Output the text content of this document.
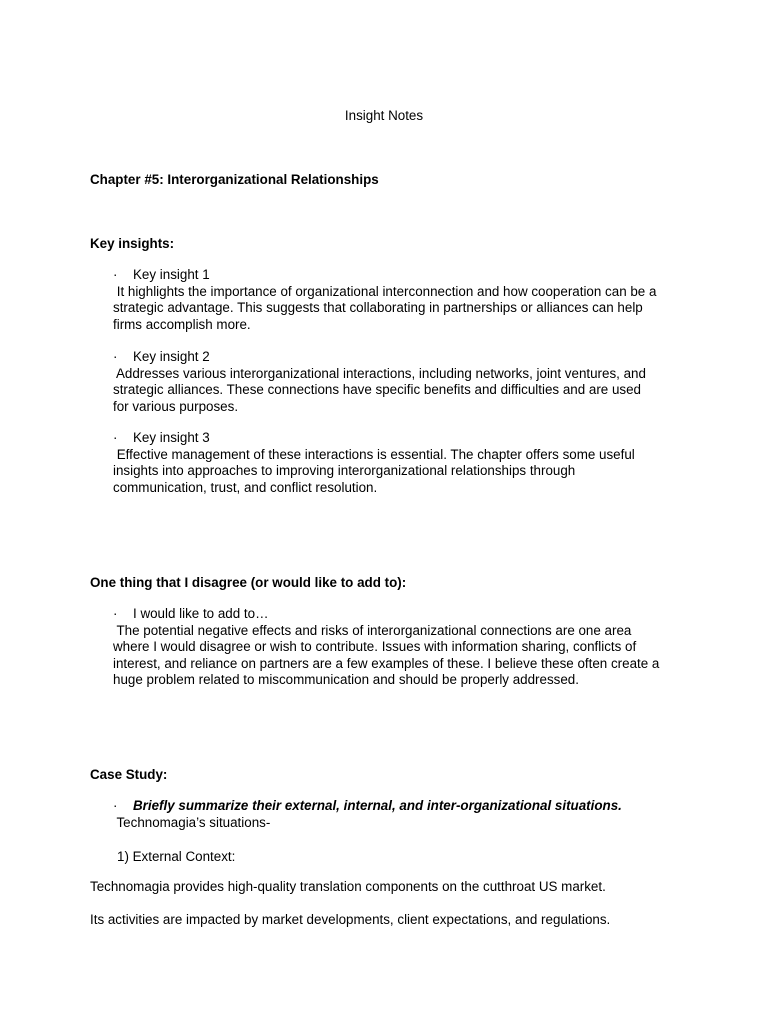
Insight Notes

Chapter #5: Interorganizational Relationships

Key insights:

· Key insight 1
It highlights the importance of organizational interconnection and how cooperation can be a
strategic advantage. This suggests that collaborating in partnerships or alliances can help
firms accomplish more.
· Key insight 2
Addresses various interorganizational interactions, including networks, joint ventures, and
strategic alliances. These connections have specific benefits and difficulties and are used
for various purposes.
· Key insight 3
Effective management of these interactions is essential. The chapter offers some useful
insights into approaches to improving interorganizational relationships through
communication, trust, and conflict resolution.

One thing that I disagree (or would like to add to):

· I would like to add to…
The potential negative effects and risks of interorganizational connections are one area
where I would disagree or wish to contribute. Issues with information sharing, conflicts of
interest, and reliance on partners are a few examples of these. I believe these often create a
huge problem related to miscommunication and should be properly addressed.

Case Study:

· Briefly summarize their external, internal, and inter-organizational situations.
Technomagia’s situations-

1) External Context:

Technomagia provides high-quality translation components on the cutthroat US market.

Its activities are impacted by market developments, client expectations, and regulations.
